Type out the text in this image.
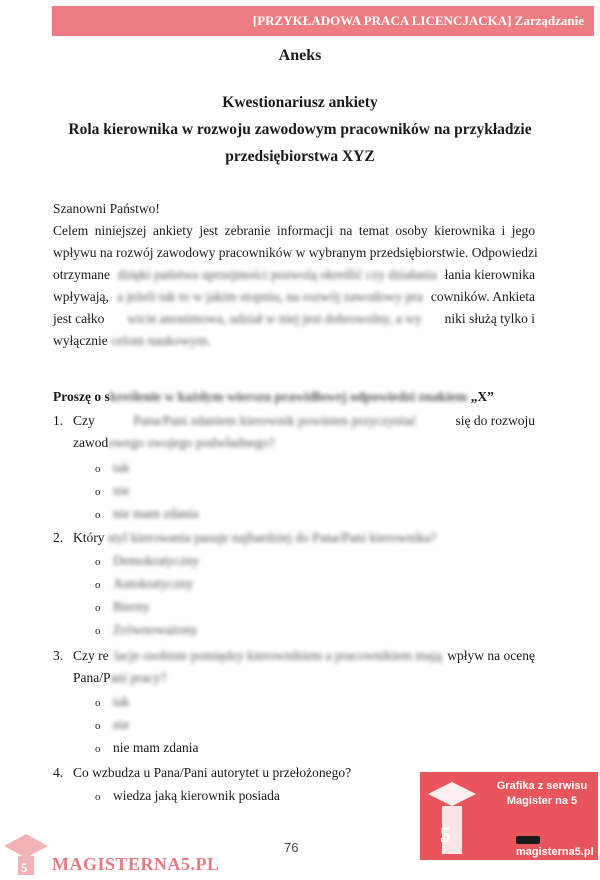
[PRZYKŁADOWA PRACA LICENCJACKA] Zarządzanie
Aneks
Kwestionariusz ankiety
Rola kierownika w rozwoju zawodowym pracowników na przykładzie
przedsiębiorstwa XYZ
Szanowni Państwo!
Celem niniejszej ankiety jest zebranie informacji na temat osoby kierownika i jego
wpływu na rozwój zawodowy pracowników w wybranym przedsiębiorstwie. Odpowiedzi
otrzymane dzięki państwa uprzejmości pozwolą określić czy działania łania kierownika
wpływają, a jeżeli tak to w jakim stopniu, na rozwój zawodowy pra cowników. Ankieta
jest całko wicie anonimowa, udział w niej jest dobrowolny, a wy niki służą tylko i
wyłącznie celom naukowym.
Proszę o skreślenie w każdym wierszu prawidłowej odpowiedzi znakiem „X”
1. Czy	Pana/Pani zdaniem kierownik powinien przyczyniać	się do rozwoju
zawodowego swojego podwładnego?
o tak
o nie
o nie mam zdania
2. Który styl kierowania pasuje najbardziej do Pana/Pani kierownika?
o Demokratyczny
o Autokratyczny
o Bierny
o Zrównoważony
3. Czy re lacje osobiste pomiędzy kierownikiem a pracownikiem mają wpływ na ocenę
Pana/Pani pracy?
o tak
o nie
o nie mam zdania
4. Co wzbudza u Pana/Pani autorytet u przełożonego?
o wiedza jaką kierownik posiada
76
5 MAGISTERNA5.PL
5
Grafika z serwisu
Magister na 5
magisterna5.pl
